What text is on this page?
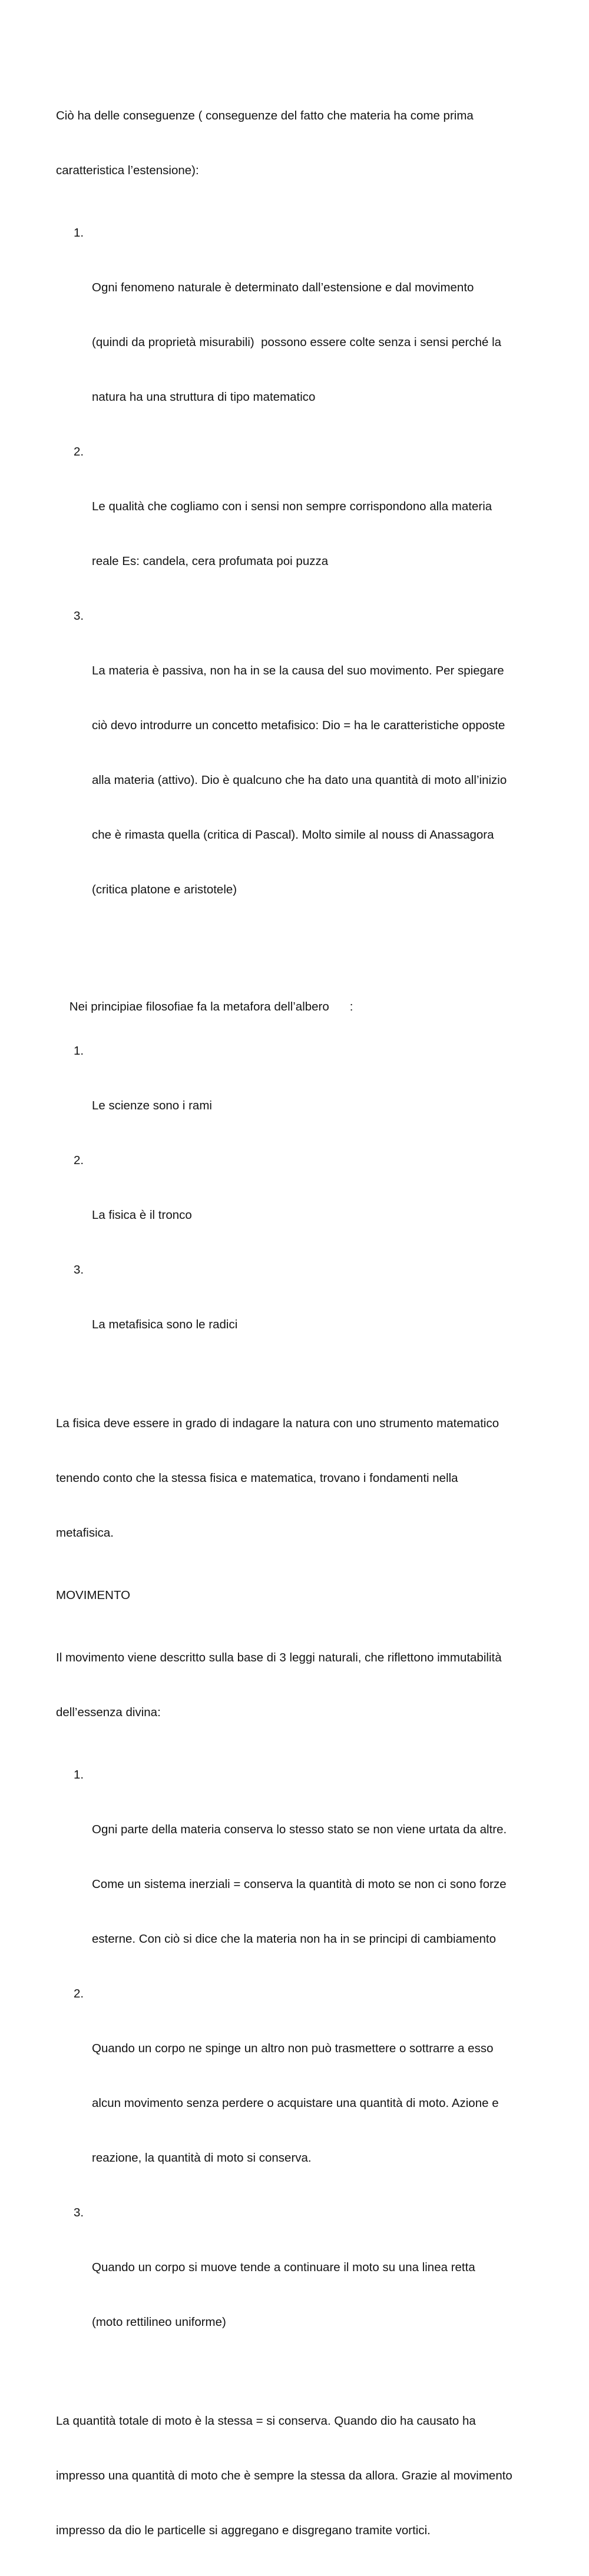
Ciò ha delle conseguenze ( conseguenze del fatto che materia ha come prima

caratteristica l’estensione):

1.

Ogni fenomeno naturale è determinato dall’estensione e dal movimento

(quindi da proprietà misurabili)  possono essere colte senza i sensi perché la

natura ha una struttura di tipo matematico

2.

Le qualità che cogliamo con i sensi non sempre corrispondono alla materia

reale Es: candela, cera profumata poi puzza

3.

La materia è passiva, non ha in se la causa del suo movimento. Per spiegare

ciò devo introdurre un concetto metafisico: Dio = ha le caratteristiche opposte

alla materia (attivo). Dio è qualcuno che ha dato una quantità di moto all’inizio

che è rimasta quella (critica di Pascal). Molto simile al nouss di Anassagora

(critica platone e aristotele)

Nei principiae filosofiae fa la metafora dell’albero :

1.

Le scienze sono i rami

2.

La fisica è il tronco

3.

La metafisica sono le radici

La fisica deve essere in grado di indagare la natura con uno strumento matematico

tenendo conto che la stessa fisica e matematica, trovano i fondamenti nella

metafisica.

MOVIMENTO

Il movimento viene descritto sulla base di 3 leggi naturali, che riflettono immutabilità

dell’essenza divina:

1.

Ogni parte della materia conserva lo stesso stato se non viene urtata da altre.

Come un sistema inerziali = conserva la quantità di moto se non ci sono forze

esterne. Con ciò si dice che la materia non ha in se principi di cambiamento

2.

Quando un corpo ne spinge un altro non può trasmettere o sottrarre a esso

alcun movimento senza perdere o acquistare una quantità di moto. Azione e

reazione, la quantità di moto si conserva.

3.

Quando un corpo si muove tende a continuare il moto su una linea retta

(moto rettilineo uniforme)

La quantità totale di moto è la stessa = si conserva. Quando dio ha causato ha

impresso una quantità di moto che è sempre la stessa da allora. Grazie al movimento

impresso da dio le particelle si aggregano e disgregano tramite vortici.
